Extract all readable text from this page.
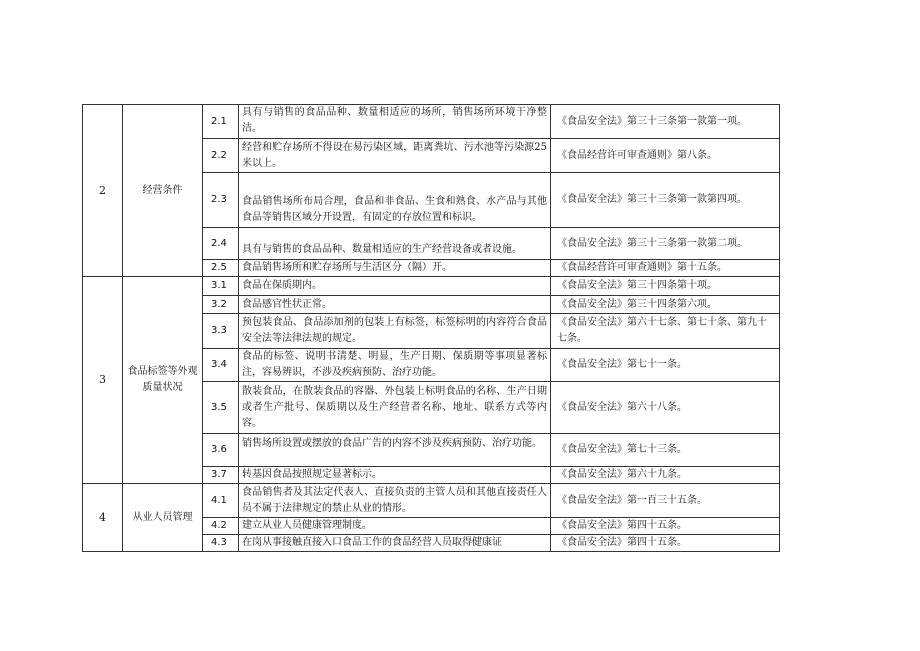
2	经营条件	2.1	具有与销售的食品品种、数量相适应的场所，销售场所环境干净整洁。	《食品安全法》第三十三条第一款第一项。
		2.2	经营和贮存场所不得设在易污染区域，距离粪坑、污水池等污染源25米以上。	《食品经营许可审查通则》第八条。
		2.3	食品销售场所布局合理，食品和非食品、生食和熟食、水产品与其他食品等销售区域分开设置，有固定的存放位置和标识。	《食品安全法》第三十三条第一款第四项。
		2.4	具有与销售的食品品种、数量相适应的生产经营设备或者设施。	《食品安全法》第三十三条第一款第二项。
		2.5	食品销售场所和贮存场所与生活区分（隔）开。	《食品经营许可审查通则》第十五条。
3	食品标签等外观质量状况	3.1	食品在保质期内。	《食品安全法》第三十四条第十项。
		3.2	食品感官性状正常。	《食品安全法》第三十四条第六项。
		3.3	预包装食品、食品添加剂的包装上有标签，标签标明的内容符合食品安全法等法律法规的规定。	《食品安全法》第六十七条、第七十条、第九十七条。
		3.4	食品的标签、说明书清楚、明显，生产日期、保质期等事项显著标注，容易辨识，不涉及疾病预防、治疗功能。	《食品安全法》第七十一条。
		3.5	散装食品，在散装食品的容器、外包装上标明食品的名称、生产日期或者生产批号、保质期以及生产经营者名称、地址、联系方式等内容。	《食品安全法》第六十八条。
		3.6	销售场所设置或摆放的食品广告的内容不涉及疾病预防、治疗功能。	《食品安全法》第七十三条。
		3.7	转基因食品按照规定显著标示。	《食品安全法》第六十九条。
4	从业人员管理	4.1	食品销售者及其法定代表人、直接负责的主管人员和其他直接责任人员不属于法律规定的禁止从业的情形。	《食品安全法》第一百三十五条。
		4.2	建立从业人员健康管理制度。	《食品安全法》第四十五条。
		4.3	在岗从事接触直接入口食品工作的食品经营人员取得健康证	《食品安全法》第四十五条。
